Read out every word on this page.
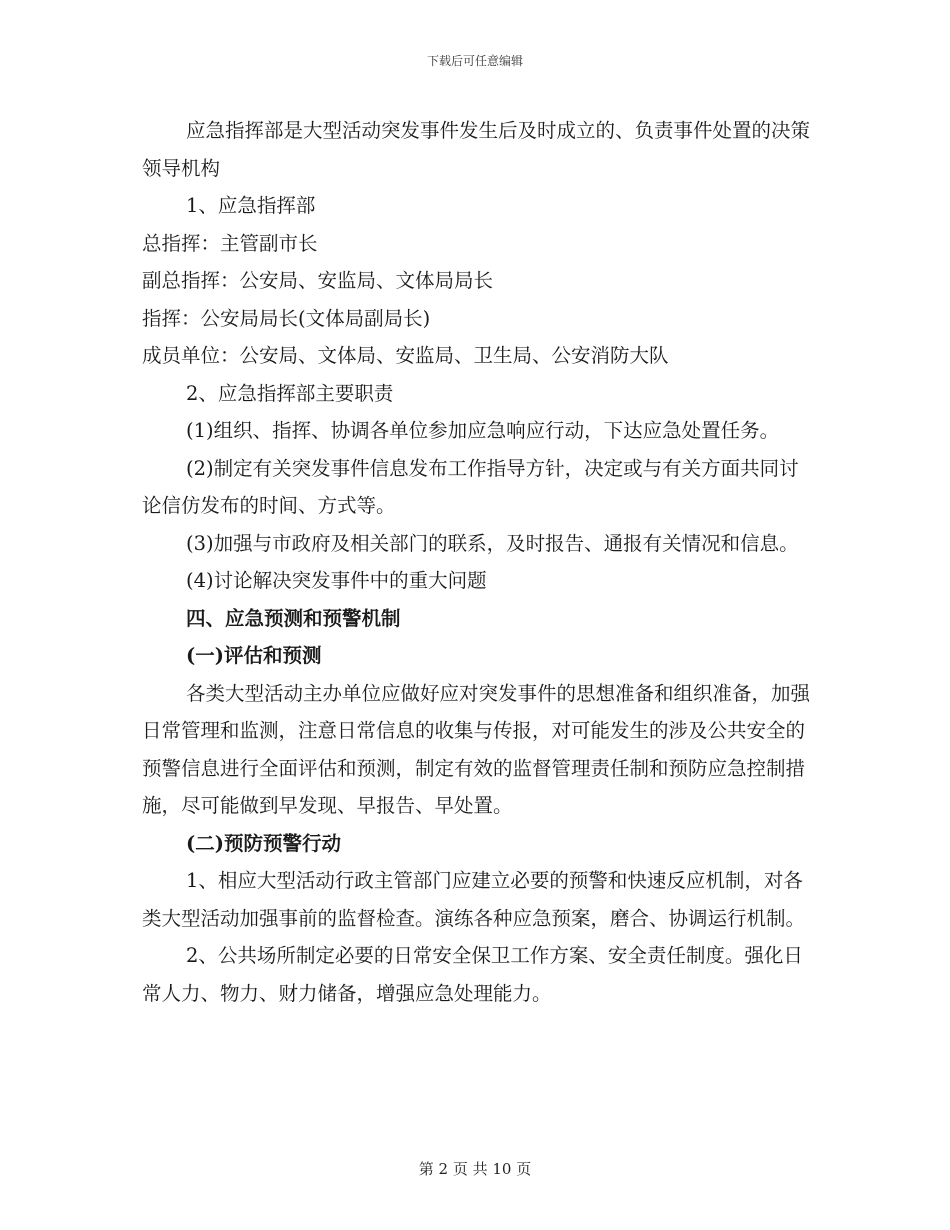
下载后可任意编辑

应急指挥部是大型活动突发事件发生后及时成立的、负责事件处置的决策领导机构

1、应急指挥部

总指挥：主管副市长

副总指挥：公安局、安监局、文体局局长

指挥：公安局局长(文体局副局长)

成员单位：公安局、文体局、安监局、卫生局、公安消防大队

2、应急指挥部主要职责

(1)组织、指挥、协调各单位参加应急响应行动，下达应急处置任务。

(2)制定有关突发事件信息发布工作指导方针，决定或与有关方面共同讨论信仿发布的时间、方式等。

(3)加强与市政府及相关部门的联系，及时报告、通报有关情况和信息。

(4)讨论解决突发事件中的重大问题

四、应急预测和预警机制

(一)评估和预测

各类大型活动主办单位应做好应对突发事件的思想准备和组织准备，加强日常管理和监测，注意日常信息的收集与传报，对可能发生的涉及公共安全的预警信息进行全面评估和预测，制定有效的监督管理责任制和预防应急控制措施，尽可能做到早发现、早报告、早处置。

(二)预防预警行动

1、相应大型活动行政主管部门应建立必要的预警和快速反应机制，对各类大型活动加强事前的监督检查。演练各种应急预案，磨合、协调运行机制。

2、公共场所制定必要的日常安全保卫工作方案、安全责任制度。强化日常人力、物力、财力储备，增强应急处理能力。

第 2 页 共 10 页
